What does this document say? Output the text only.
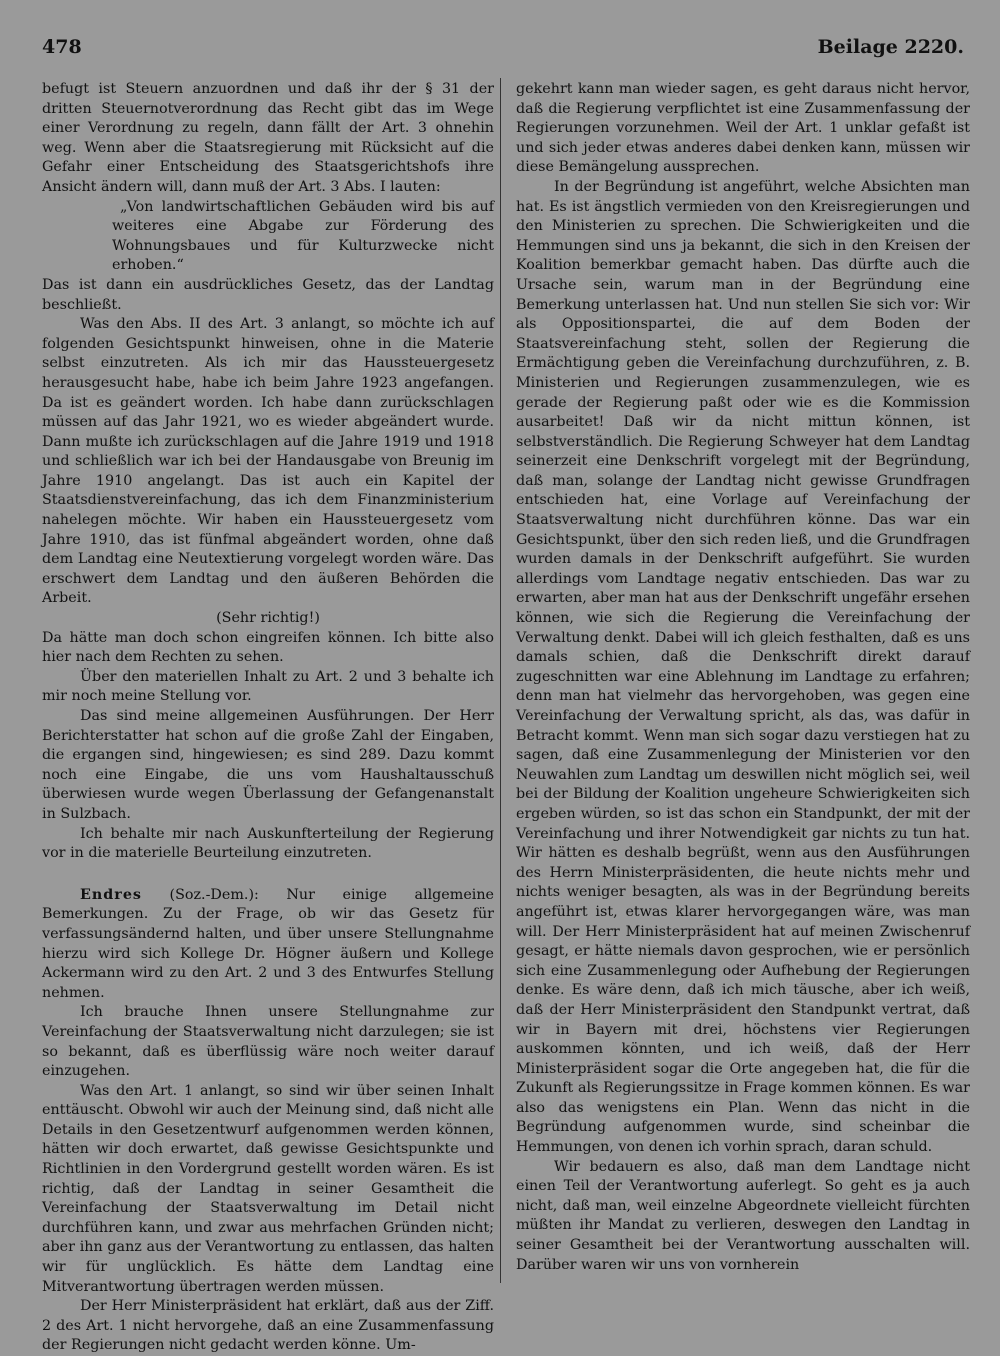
478	Beilage 2220.

befugt ist Steuern anzuordnen und daß ihr der § 31 der dritten Steuernotverordnung das Recht gibt das im Wege einer Verordnung zu regeln, dann fällt der Art. 3 ohnehin weg. Wenn aber die Staatsregierung mit Rücksicht auf die Gefahr einer Entscheidung des Staatsgerichtshofs ihre Ansicht ändern will, dann muß der Art. 3 Abs. I lauten:

„Von landwirtschaftlichen Gebäuden wird bis auf weiteres eine Abgabe zur Förderung des Wohnungsbaues und für Kulturzwecke nicht erhoben.“

Das ist dann ein ausdrückliches Gesetz, das der Landtag beschließt.

Was den Abs. II des Art. 3 anlangt, so möchte ich auf folgenden Gesichtspunkt hinweisen, ohne in die Materie selbst einzutreten. Als ich mir das Haussteuergesetz herausgesucht habe, habe ich beim Jahre 1923 angefangen. Da ist es geändert worden. Ich habe dann zurückschlagen müssen auf das Jahr 1921, wo es wieder abgeändert wurde. Dann mußte ich zurückschlagen auf die Jahre 1919 und 1918 und schließlich war ich bei der Handausgabe von Breunig im Jahre 1910 angelangt. Das ist auch ein Kapitel der Staatsdienstvereinfachung, das ich dem Finanzministerium nahelegen möchte. Wir haben ein Haussteuergesetz vom Jahre 1910, das ist fünfmal abgeändert worden, ohne daß dem Landtag eine Neutextierung vorgelegt worden wäre. Das erschwert dem Landtag und den äußeren Behörden die Arbeit.

(Sehr richtig!)

Da hätte man doch schon eingreifen können. Ich bitte also hier nach dem Rechten zu sehen.

Über den materiellen Inhalt zu Art. 2 und 3 behalte ich mir noch meine Stellung vor.

Das sind meine allgemeinen Ausführungen. Der Herr Berichterstatter hat schon auf die große Zahl der Eingaben, die ergangen sind, hingewiesen; es sind 289. Dazu kommt noch eine Eingabe, die uns vom Haushaltausschuß überwiesen wurde wegen Überlassung der Gefangenanstalt in Sulzbach.

Ich behalte mir nach Auskunfterteilung der Regierung vor in die materielle Beurteilung einzutreten.

Endres (Soz.-Dem.): Nur einige allgemeine Bemerkungen. Zu der Frage, ob wir das Gesetz für verfassungsändernd halten, und über unsere Stellungnahme hierzu wird sich Kollege Dr. Högner äußern und Kollege Ackermann wird zu den Art. 2 und 3 des Entwurfes Stellung nehmen.

Ich brauche Ihnen unsere Stellungnahme zur Vereinfachung der Staatsverwaltung nicht darzulegen; sie ist so bekannt, daß es überflüssig wäre noch weiter darauf einzugehen.

Was den Art. 1 anlangt, so sind wir über seinen Inhalt enttäuscht. Obwohl wir auch der Meinung sind, daß nicht alle Details in den Gesetzentwurf aufgenommen werden können, hätten wir doch erwartet, daß gewisse Gesichtspunkte und Richtlinien in den Vordergrund gestellt worden wären. Es ist richtig, daß der Landtag in seiner Gesamtheit die Vereinfachung der Staatsverwaltung im Detail nicht durchführen kann, und zwar aus mehrfachen Gründen nicht; aber ihn ganz aus der Verantwortung zu entlassen, das halten wir für unglücklich. Es hätte dem Landtag eine Mitverantwortung übertragen werden müssen.

Der Herr Ministerpräsident hat erklärt, daß aus der Ziff. 2 des Art. 1 nicht hervorgehe, daß an eine Zusammenfassung der Regierungen nicht gedacht werden könne. Um-

gekehrt kann man wieder sagen, es geht daraus nicht hervor, daß die Regierung verpflichtet ist eine Zusammenfassung der Regierungen vorzunehmen. Weil der Art. 1 unklar gefaßt ist und sich jeder etwas anderes dabei denken kann, müssen wir diese Bemängelung aussprechen.

In der Begründung ist angeführt, welche Absichten man hat. Es ist ängstlich vermieden von den Kreisregierungen und den Ministerien zu sprechen. Die Schwierigkeiten und die Hemmungen sind uns ja bekannt, die sich in den Kreisen der Koalition bemerkbar gemacht haben. Das dürfte auch die Ursache sein, warum man in der Begründung eine Bemerkung unterlassen hat. Und nun stellen Sie sich vor: Wir als Oppositionspartei, die auf dem Boden der Staatsvereinfachung steht, sollen der Regierung die Ermächtigung geben die Vereinfachung durchzuführen, z. B. Ministerien und Regierungen zusammenzulegen, wie es gerade der Regierung paßt oder wie es die Kommission ausarbeitet! Daß wir da nicht mittun können, ist selbstverständlich. Die Regierung Schweyer hat dem Landtag seinerzeit eine Denkschrift vorgelegt mit der Begründung, daß man, solange der Landtag nicht gewisse Grundfragen entschieden hat, eine Vorlage auf Vereinfachung der Staatsverwaltung nicht durchführen könne. Das war ein Gesichtspunkt, über den sich reden ließ, und die Grundfragen wurden damals in der Denkschrift aufgeführt. Sie wurden allerdings vom Landtage negativ entschieden. Das war zu erwarten, aber man hat aus der Denkschrift ungefähr ersehen können, wie sich die Regierung die Vereinfachung der Verwaltung denkt. Dabei will ich gleich festhalten, daß es uns damals schien, daß die Denkschrift direkt darauf zugeschnitten war eine Ablehnung im Landtage zu erfahren; denn man hat vielmehr das hervorgehoben, was gegen eine Vereinfachung der Verwaltung spricht, als das, was dafür in Betracht kommt. Wenn man sich sogar dazu verstiegen hat zu sagen, daß eine Zusammenlegung der Ministerien vor den Neuwahlen zum Landtag um deswillen nicht möglich sei, weil bei der Bildung der Koalition ungeheure Schwierigkeiten sich ergeben würden, so ist das schon ein Standpunkt, der mit der Vereinfachung und ihrer Notwendigkeit gar nichts zu tun hat. Wir hätten es deshalb begrüßt, wenn aus den Ausführungen des Herrn Ministerpräsidenten, die heute nichts mehr und nichts weniger besagten, als was in der Begründung bereits angeführt ist, etwas klarer hervorgegangen wäre, was man will. Der Herr Ministerpräsident hat auf meinen Zwischenruf gesagt, er hätte niemals davon gesprochen, wie er persönlich sich eine Zusammenlegung oder Aufhebung der Regierungen denke. Es wäre denn, daß ich mich täusche, aber ich weiß, daß der Herr Ministerpräsident den Standpunkt vertrat, daß wir in Bayern mit drei, höchstens vier Regierungen auskommen könnten, und ich weiß, daß der Herr Ministerpräsident sogar die Orte angegeben hat, die für die Zukunft als Regierungssitze in Frage kommen können. Es war also das wenigstens ein Plan. Wenn das nicht in die Begründung aufgenommen wurde, sind scheinbar die Hemmungen, von denen ich vorhin sprach, daran schuld.

Wir bedauern es also, daß man dem Landtage nicht einen Teil der Verantwortung auferlegt. So geht es ja auch nicht, daß man, weil einzelne Abgeordnete vielleicht fürchten müßten ihr Mandat zu verlieren, deswegen den Landtag in seiner Gesamtheit bei der Verantwortung ausschalten will. Darüber waren wir uns von vornherein
